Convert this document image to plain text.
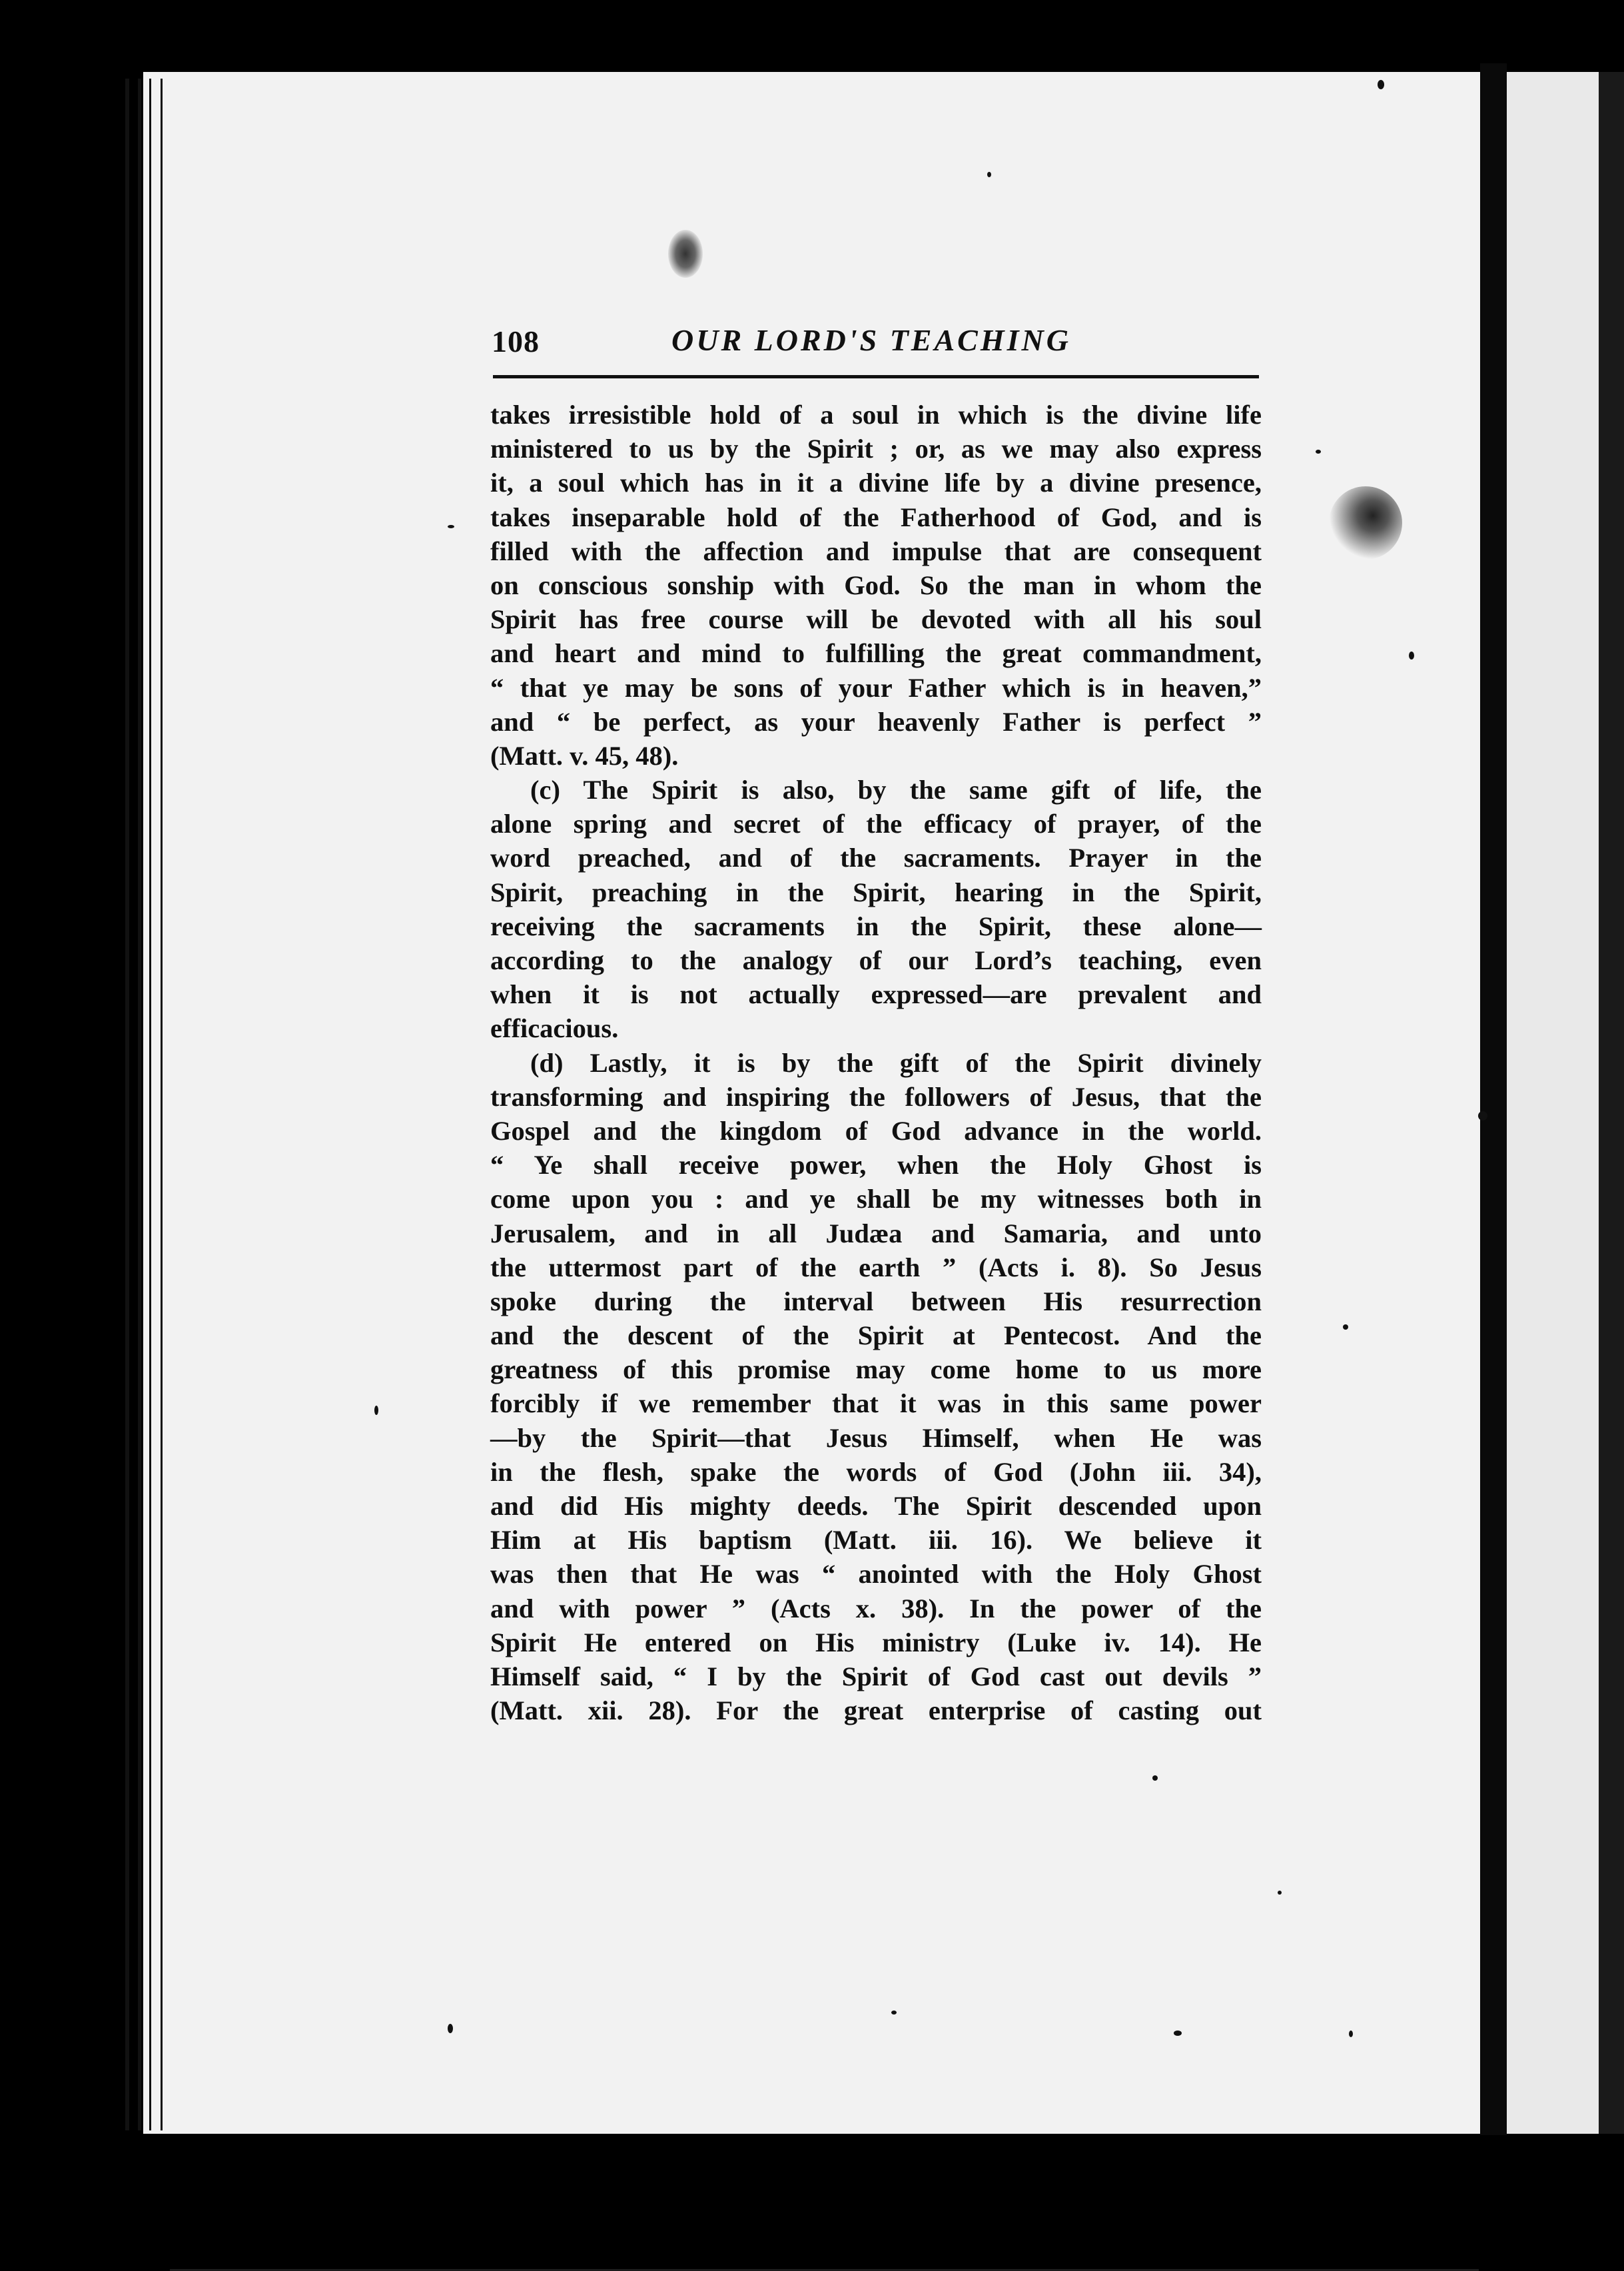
108	OUR LORD'S TEACHING
takes irresistible hold of a soul in which is the divine life
ministered to us by the Spirit ; or, as we may also express
it, a soul which has in it a divine life by a divine presence,
takes inseparable hold of the Fatherhood of God, and is
filled with the affection and impulse that are consequent
on conscious sonship with God. So the man in whom the
Spirit has free course will be devoted with all his soul
and heart and mind to fulfilling the great commandment,
“ that ye may be sons of your Father which is in heaven,”
and “ be perfect, as your heavenly Father is perfect ”
(Matt. v. 45, 48).
(c) The Spirit is also, by the same gift of life, the
alone spring and secret of the efficacy of prayer, of the
word preached, and of the sacraments. Prayer in the
Spirit, preaching in the Spirit, hearing in the Spirit,
receiving the sacraments in the Spirit, these alone—
according to the analogy of our Lord’s teaching, even
when it is not actually expressed—are prevalent and
efficacious.
(d) Lastly, it is by the gift of the Spirit divinely
transforming and inspiring the followers of Jesus, that the
Gospel and the kingdom of God advance in the world.
“ Ye shall receive power, when the Holy Ghost is
come upon you : and ye shall be my witnesses both in
Jerusalem, and in all Judæa and Samaria, and unto
the uttermost part of the earth ” (Acts i. 8). So Jesus
spoke during the interval between His resurrection
and the descent of the Spirit at Pentecost. And the
greatness of this promise may come home to us more
forcibly if we remember that it was in this same power
—by the Spirit—that Jesus Himself, when He was
in the flesh, spake the words of God (John iii. 34),
and did His mighty deeds. The Spirit descended upon
Him at His baptism (Matt. iii. 16). We believe it
was then that He was “ anointed with the Holy Ghost
and with power ” (Acts x. 38). In the power of the
Spirit He entered on His ministry (Luke iv. 14). He
Himself said, “ I by the Spirit of God cast out devils ”
(Matt. xii. 28). For the great enterprise of casting out
